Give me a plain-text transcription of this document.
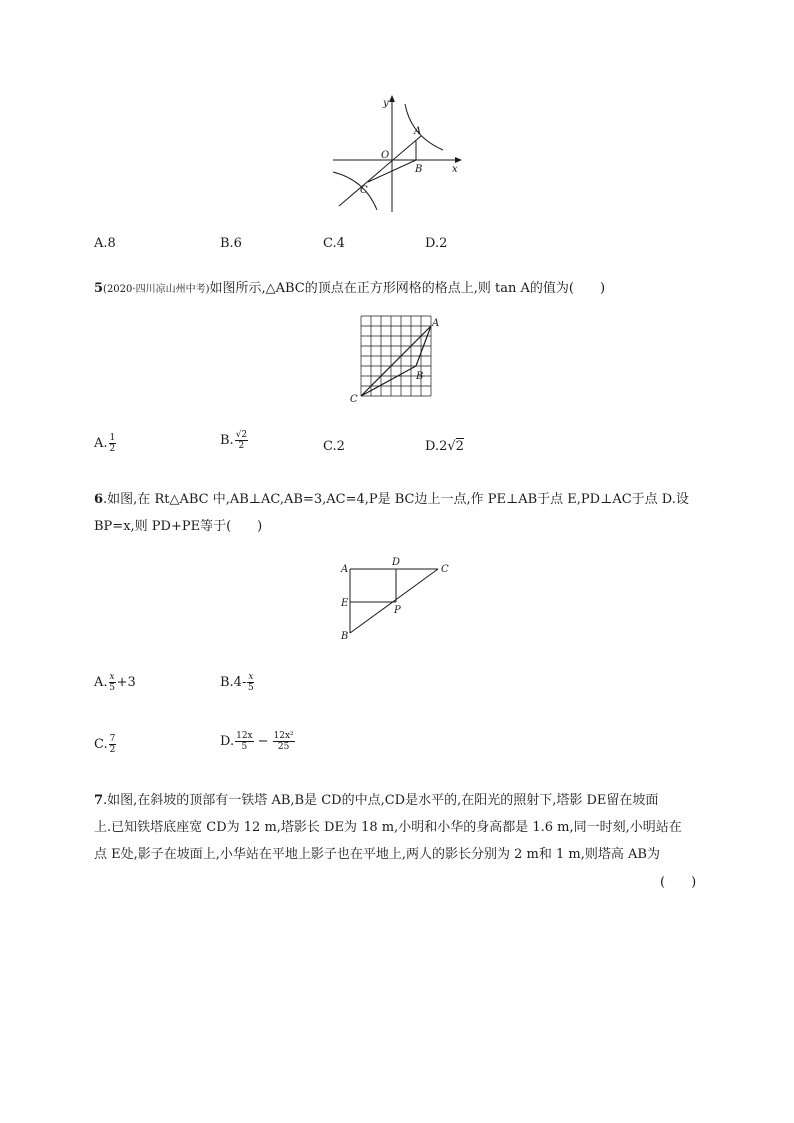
y
x
O
A
B
C
A.8	B.6	C.4	D.2
5(2020·四川凉山州中考)如图所示,△ABC的顶点在正方形网格的格点上,则 tan A的值为(　　)
A
B
C
A. $\frac{1}{2}$	B. $\frac{√2}{2}$	C.2	D.2√2
6.如图,在 Rt△ABC 中,AB⊥AC,AB=3,AC=4,P是 BC边上一点,作 PE⊥AB于点 E,PD⊥AC于点 D.设
BP=x,则 PD+PE等于(　　)
A
D
C
E
P
B
A. $\frac{x}{5} +3$	$B.4- \frac{x}{5}$
C. $\frac{7}{2}$	D. $\frac{12x}{5} - \frac{\text{12x²}}{25}$
7.如图,在斜坡的顶部有一铁塔 AB,B是 CD的中点,CD是水平的,在阳光的照射下,塔影 DE留在坡面
上.已知铁塔底座宽 CD为 12 m,塔影长 DE为 18 m,小明和小华的身高都是 1.6 m,同一时刻,小明站在
点 E处,影子在坡面上,小华站在平地上影子也在平地上,两人的影长分别为 2 m和 1 m,则塔高 AB为
(　　)
